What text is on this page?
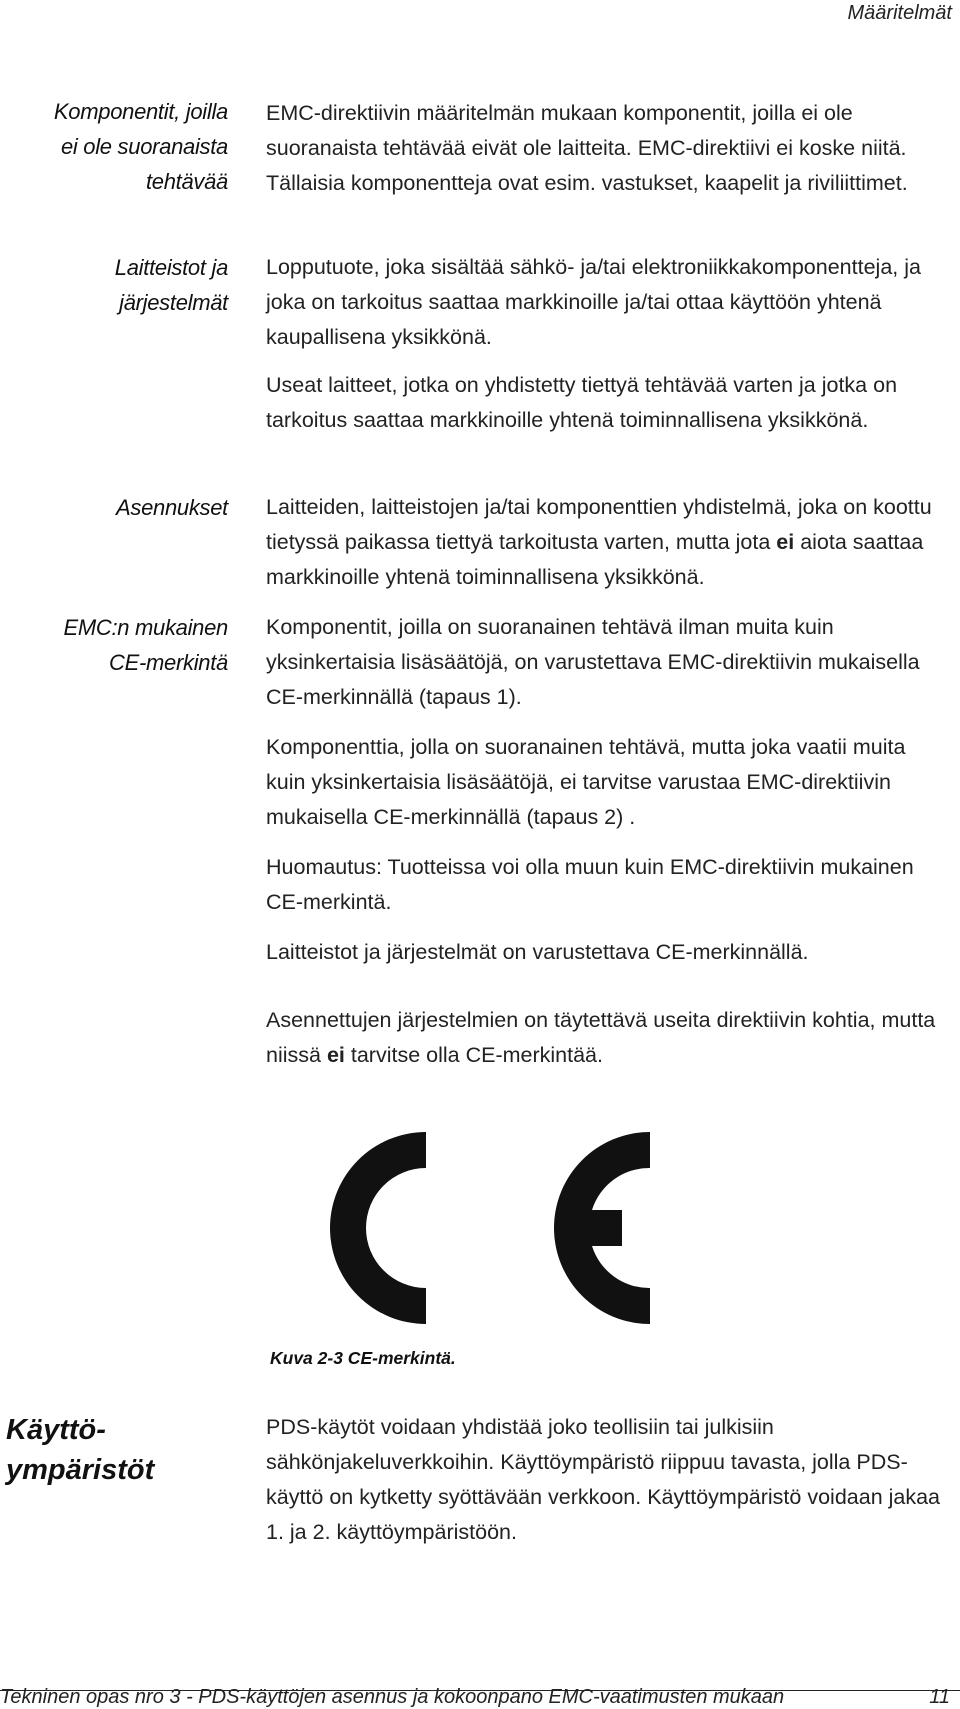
Määritelmät
Komponentit, joilla
ei ole suoranaista
tehtävää
Laitteistot ja
järjestelmät
Asennukset
EMC:n mukainen
CE-merkintä

EMC-direktiivin määritelmän mukaan komponentit, joilla ei ole suoranaista tehtävää eivät ole laitteita. EMC-direktiivi ei koske niitä. Tällaisia komponentteja ovat esim. vastukset, kaapelit ja riviliittimet.

Lopputuote, joka sisältää sähkö- ja/tai elektroniikkakomponentteja, ja joka on tarkoitus saattaa markkinoille ja/tai ottaa käyttöön yhtenä kaupallisena yksikkönä.

Useat laitteet, jotka on yhdistetty tiettyä tehtävää varten ja jotka on tarkoitus saattaa markkinoille yhtenä toiminnallisena yksikkönä.

Laitteiden, laitteistojen ja/tai komponenttien yhdistelmä, joka on koottu tietyssä paikassa tiettyä tarkoitusta varten, mutta jota ei aiota saattaa markkinoille yhtenä toiminnallisena yksikkönä.

Komponentit, joilla on suoranainen tehtävä ilman muita kuin yksinkertaisia lisäsäätöjä, on varustettava EMC-direktiivin mukaisella CE-merkinnällä (tapaus 1).

Komponenttia, jolla on suoranainen tehtävä, mutta joka vaatii muita kuin yksinkertaisia lisäsäätöjä, ei tarvitse varustaa EMC-direktiivin mukaisella CE-merkinnällä (tapaus 2) .

Huomautus: Tuotteissa voi olla muun kuin EMC-direktiivin mukainen CE-merkintä.

Laitteistot ja järjestelmät on varustettava CE-merkinnällä.

Asennettujen järjestelmien on täytettävä useita direktiivin kohtia, mutta niissä ei tarvitse olla CE-merkintää.

Kuva 2-3 CE-merkintä.
Käyttö-
ympäristöt

PDS-käytöt voidaan yhdistää joko teollisiin tai julkisiin sähkönjakeluverkkoihin. Käyttöympäristö riippuu tavasta, jolla PDS-käyttö on kytketty syöttävään verkkoon. Käyttöympäristö voidaan jakaa 1. ja 2. käyttöympäristöön.

Tekninen opas nro 3 - PDS-käyttöjen asennus ja kokoonpano EMC-vaatimusten mukaan	11
